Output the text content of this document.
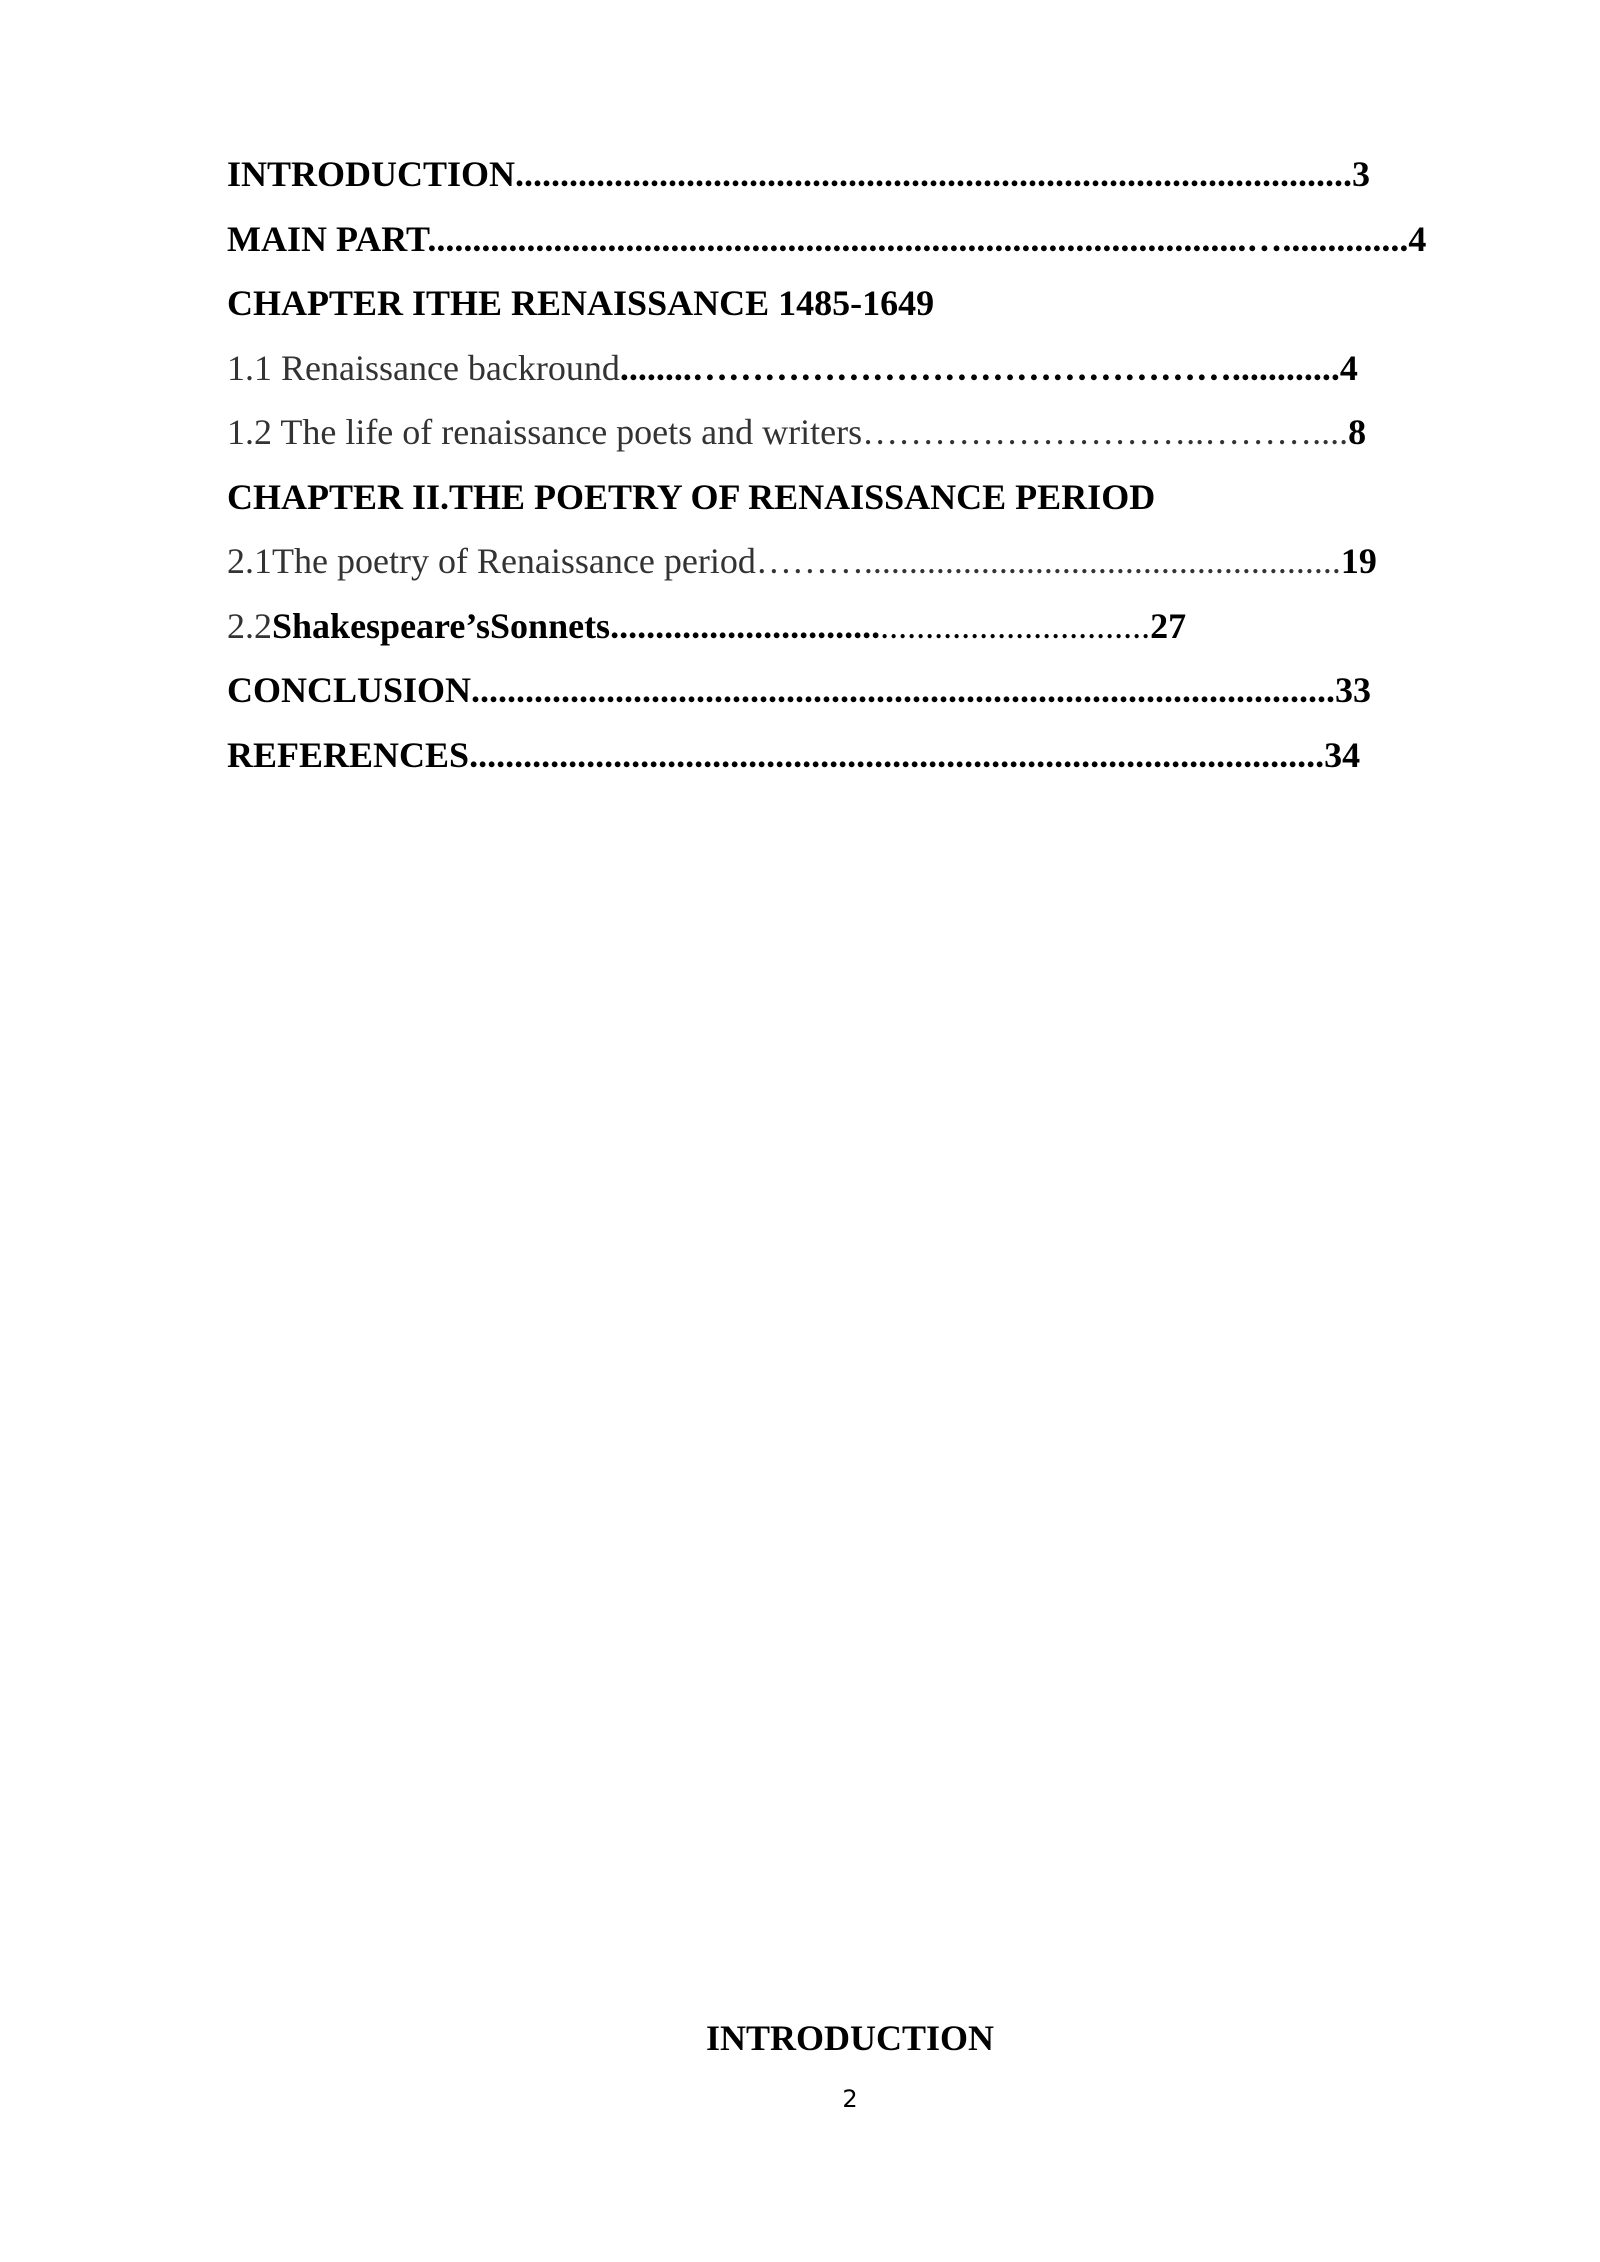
INTRODUCTION.............................................................................................3
MAIN PART...........................................................................................…..............4
CHAPTER ITHE RENAISSANCE 1485-1649
1.1 Renaissance backround........………………………………………............4
1.2 The life of renaissance poets and writers………………………..………....8
CHAPTER II.THE POETRY OF RENAISSANCE PERIOD
2.1The poetry of Renaissance period……….....................................................19
2.2Shakespeare’sSonnets............................................................27
CONCLUSION................................................................................................33
REFERENCES...............................................................................................34
INTRODUCTION
2
